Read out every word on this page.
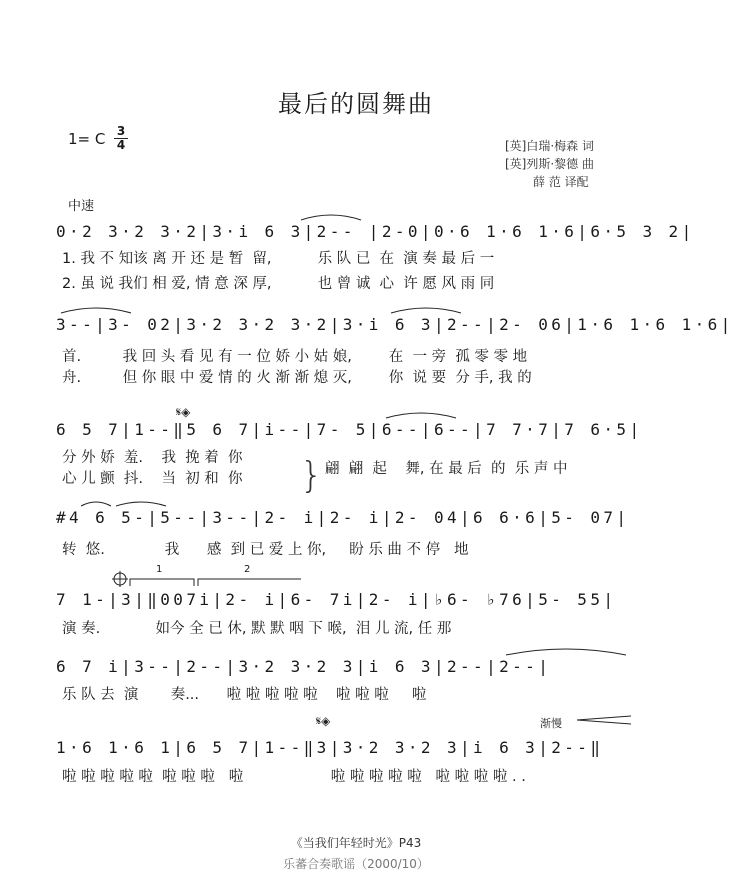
最后的圆舞曲
1= C 3
4	[英]白瑞·梅森 词
[英]列斯·黎德 曲
薛 范 译配
中速
0·2 3·2 3·2|3·i 6 3|2-- |2-0|0·6 1·6 1·6|6·5 3 2|
1. 我 不 知该 离 开 还 是 暂  留,          乐 队 已  在  演 奏 最 后 一
2. 虽 说 我们 相 爱, 情 意 深 厚,          也 曾 诚  心  许 愿 风 雨 同
3--|3- 02|3·2 3·2 3·2|3·i 6 3|2--|2- 06|1·6 1·6 1·6|
首.         我 回 头 看 见 有 一 位 娇 小 姑 娘,        在  一 旁  孤 零 零 地
舟.         但 你 眼 中 爱 情 的 火 渐 渐 熄 灭,        你  说 要  分 手, 我 的
𝄋◈
6 5 7|1--‖5 6 7|i--|7- 5|6--|6--|7 7·7|7 6·5|
分 外 娇  羞.    我  挽 着  你
心 儿 颤  抖.    当  初 和  你	} 翩  翩  起    舞, 在 最 后  的  乐 声 中
#4 6 5-|5--|3--|2- i|2- i|2- 04|6 6·6|5- 07|
转  悠.             我      感  到 已 爱 上 你,     盼 乐 曲 不 停   地
1	2
7 1-|3|‖007i|2- i|6- 7i|2- i|♭6- ♭76|5- 55|
演 奏.            如今 全 已 休, 默 默 咽 下 喉,  泪 儿 流, 任 那
6 7 i|3--|2--|3·2 3·2 3|i 6 3|2--|2--|
乐 队 去  演       奏...      啦 啦 啦 啦 啦    啦 啦 啦     啦
𝄋◈	渐慢
1·6 1·6 1|6 5 7|1--‖3|3·2 3·2 3|i 6 3|2--‖
啦 啦 啦 啦 啦  啦 啦 啦   啦                   啦 啦 啦 啦 啦   啦 啦 啦 啦 . .
《当我们年轻时光》P43
乐蕃合奏歌谣（2000/10）
